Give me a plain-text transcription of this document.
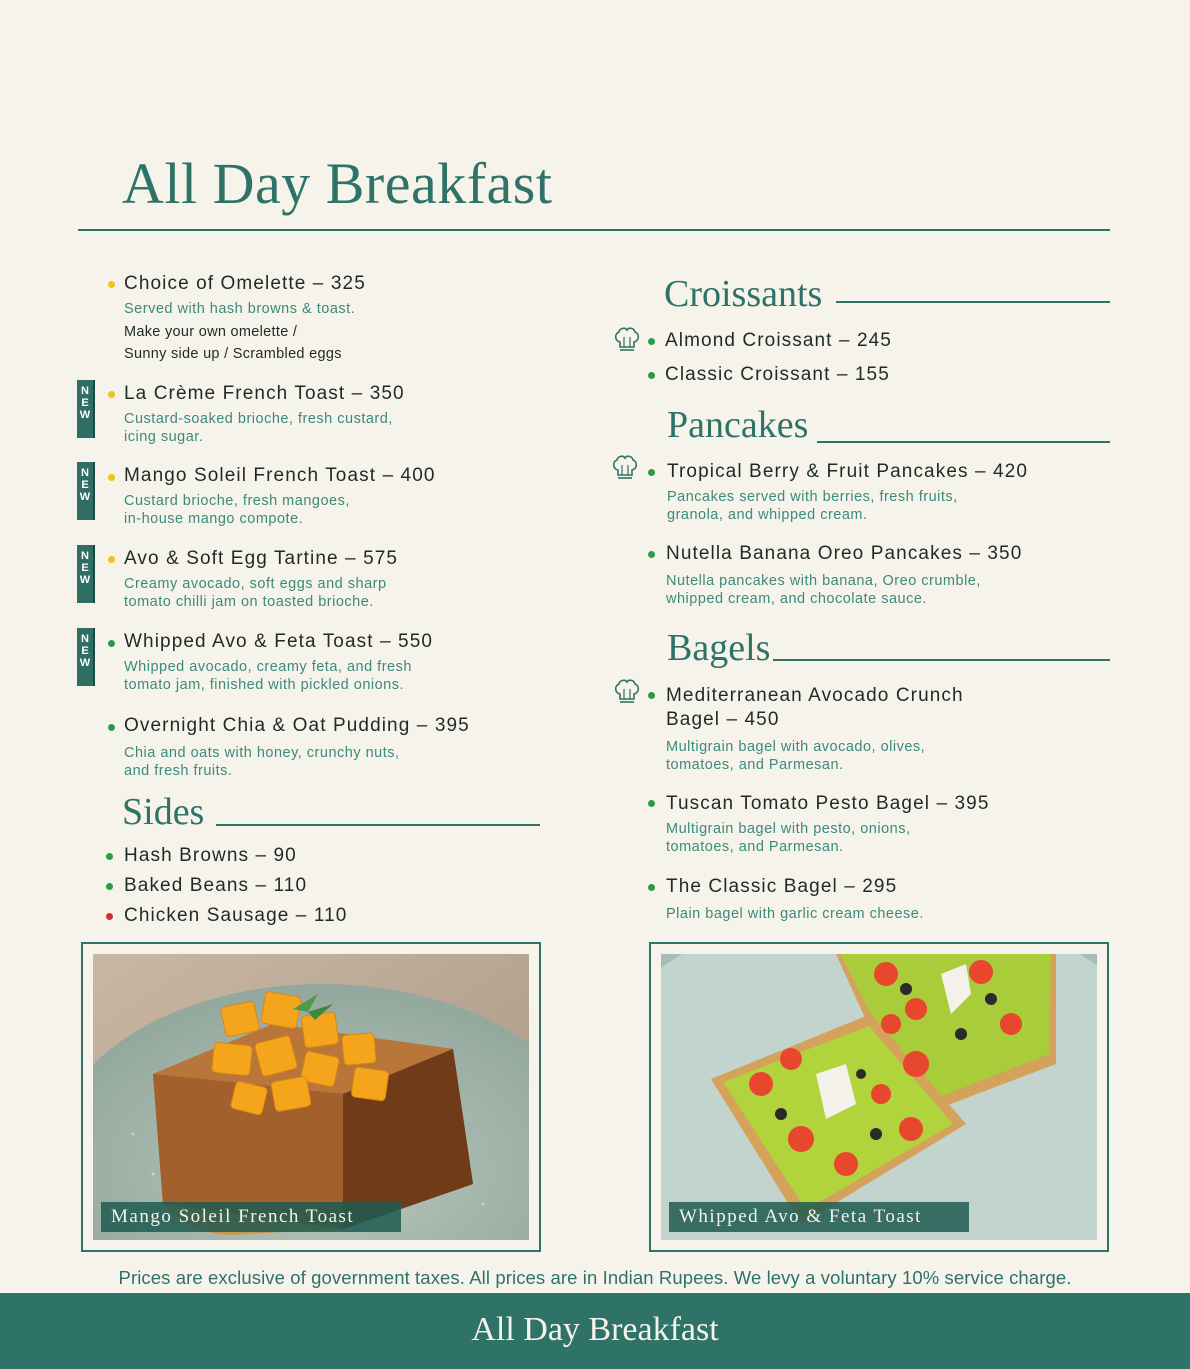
All Day Breakfast
Choice of Omelette – 325
Served with hash browns & toast.
Make your own omelette /
Sunny side up / Scrambled eggs
N
E
W
La Crème French Toast – 350
Custard-soaked brioche, fresh custard,
icing sugar.
N
E
W
Mango Soleil French Toast – 400
Custard brioche, fresh mangoes,
in-house mango compote.
N
E
W
Avo & Soft Egg Tartine – 575
Creamy avocado, soft eggs and sharp
tomato chilli jam on toasted brioche.
N
E
W
Whipped Avo & Feta Toast – 550
Whipped avocado, creamy feta, and fresh
tomato jam, finished with pickled onions.
Overnight Chia & Oat Pudding – 395
Chia and oats with honey, crunchy nuts,
and fresh fruits.
Sides
Hash Browns – 90
Baked Beans – 110
Chicken Sausage – 110
Croissants
Almond Croissant – 245
Classic Croissant – 155
Pancakes
Tropical Berry & Fruit Pancakes – 420
Pancakes served with berries, fresh fruits,
granola, and whipped cream.
Nutella Banana Oreo Pancakes – 350
Nutella pancakes with banana, Oreo crumble,
whipped cream, and chocolate sauce.
Bagels
Mediterranean Avocado Crunch
Bagel – 450
Multigrain bagel with avocado, olives,
tomatoes, and Parmesan.
Tuscan Tomato Pesto Bagel – 395
Multigrain bagel with pesto, onions,
tomatoes, and Parmesan.
The Classic Bagel – 295
Plain bagel with garlic cream cheese.
Mango Soleil French Toast	Whipped Avo & Feta Toast
Prices are exclusive of government taxes. All prices are in Indian Rupees. We levy a voluntary 10% service charge.
All Day Breakfast
